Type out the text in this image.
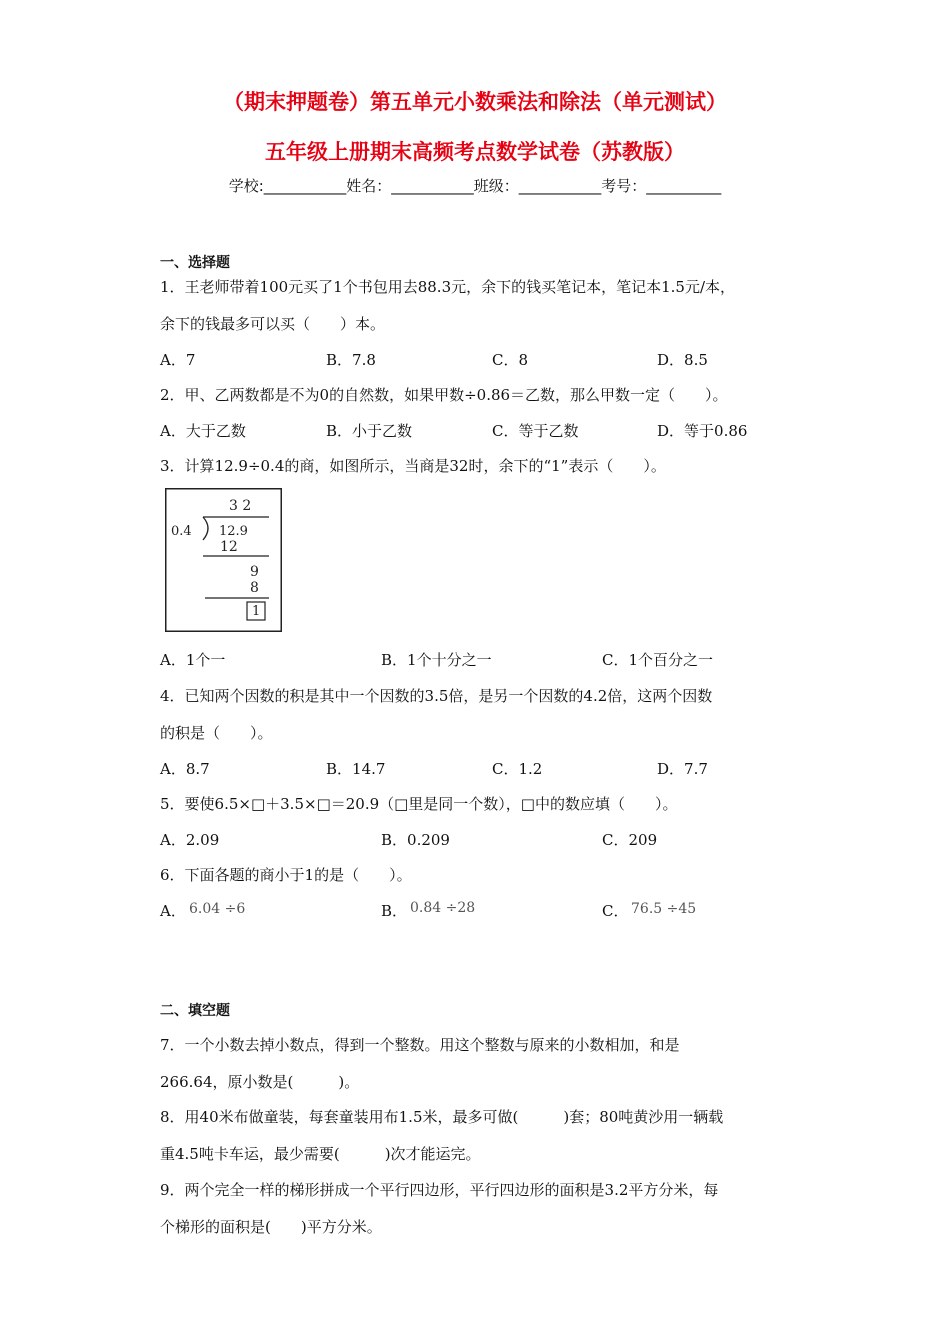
（期末押题卷）第五单元小数乘法和除法（单元测试）
五年级上册期末高频考点数学试卷（苏教版）
学校:___________姓名：___________班级：___________考号：__________
一、选择题
1．王老师带着100元买了1个书包用去88.3元，余下的钱买笔记本，笔记本1.5元/本，
余下的钱最多可以买（　　）本。
A．7	B．7.8	C．8	D．8.5
2．甲、乙两数都是不为0的自然数，如果甲数÷0.86＝乙数，那么甲数一定（　　）。
A．大于乙数	B．小于乙数	C．等于乙数	D．等于0.86
3．计算12.9÷0.4的商，如图所示，当商是32时，余下的“1”表示（　　）。
3 2
0.4 12.9
12
9
8
1
A．1个一	B．1个十分之一	C．1个百分之一
4．已知两个因数的积是其中一个因数的3.5倍，是另一个因数的4.2倍，这两个因数
的积是（　　）。
A．8.7	B．14.7	C．1.2	D．7.7
5．要使6.5×□＋3.5×□＝20.9（□里是同一个数），□中的数应填（　　）。
A．2.09	B．0.209	C．209
6．下面各题的商小于1的是（　　）。
A． 6.04 ÷6	B． 0.84 ÷28	C． 76.5 ÷45
二、填空题
7．一个小数去掉小数点，得到一个整数。用这个整数与原来的小数相加，和是
266.64，原小数是(　　　)。
8．用40米布做童装，每套童装用布1.5米，最多可做(　　　)套；80吨黄沙用一辆载
重4.5吨卡车运，最少需要(　　　)次才能运完。
9．两个完全一样的梯形拼成一个平行四边形，平行四边形的面积是3.2平方分米，每
个梯形的面积是(　　)平方分米。
